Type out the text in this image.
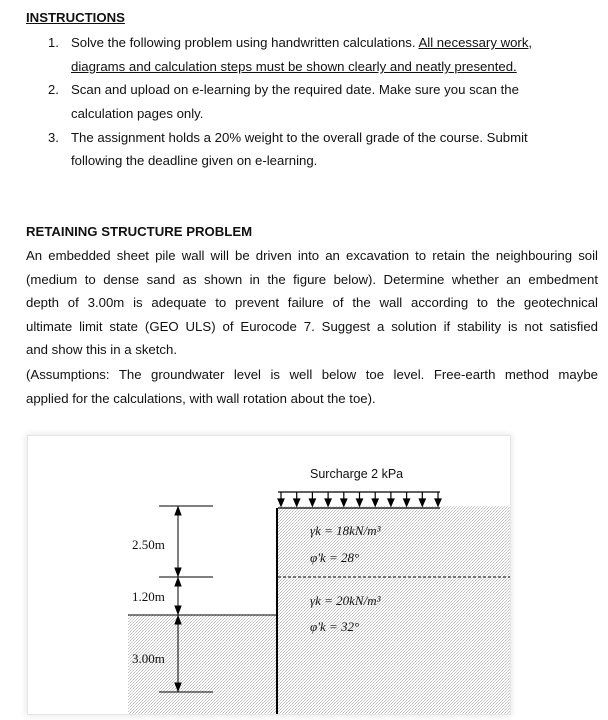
INSTRUCTIONS
1. Solve the following problem using handwritten calculations. All necessary work,
diagrams and calculation steps must be shown clearly and neatly presented.
2. Scan and upload on e-learning by the required date. Make sure you scan the
calculation pages only.
3. The assignment holds a 20% weight to the overall grade of the course. Submit
following the deadline given on e-learning.
RETAINING STRUCTURE PROBLEM
An embedded sheet pile wall will be driven into an excavation to retain the neighbouring soil
(medium to dense sand as shown in the figure below). Determine whether an embedment
depth of 3.00m is adequate to prevent failure of the wall according to the geotechnical
ultimate limit state (GEO ULS) of Eurocode 7. Suggest a solution if stability is not satisfied
and show this in a sketch.
(Assumptions: The groundwater level is well below toe level. Free-earth method maybe
applied for the calculations, with wall rotation about the toe).
Surcharge 2 kPa
2.50m
1.20m
3.00m
γk = 18kN/m³
φ'k = 28°
γk = 20kN/m³
φ'k = 32°
